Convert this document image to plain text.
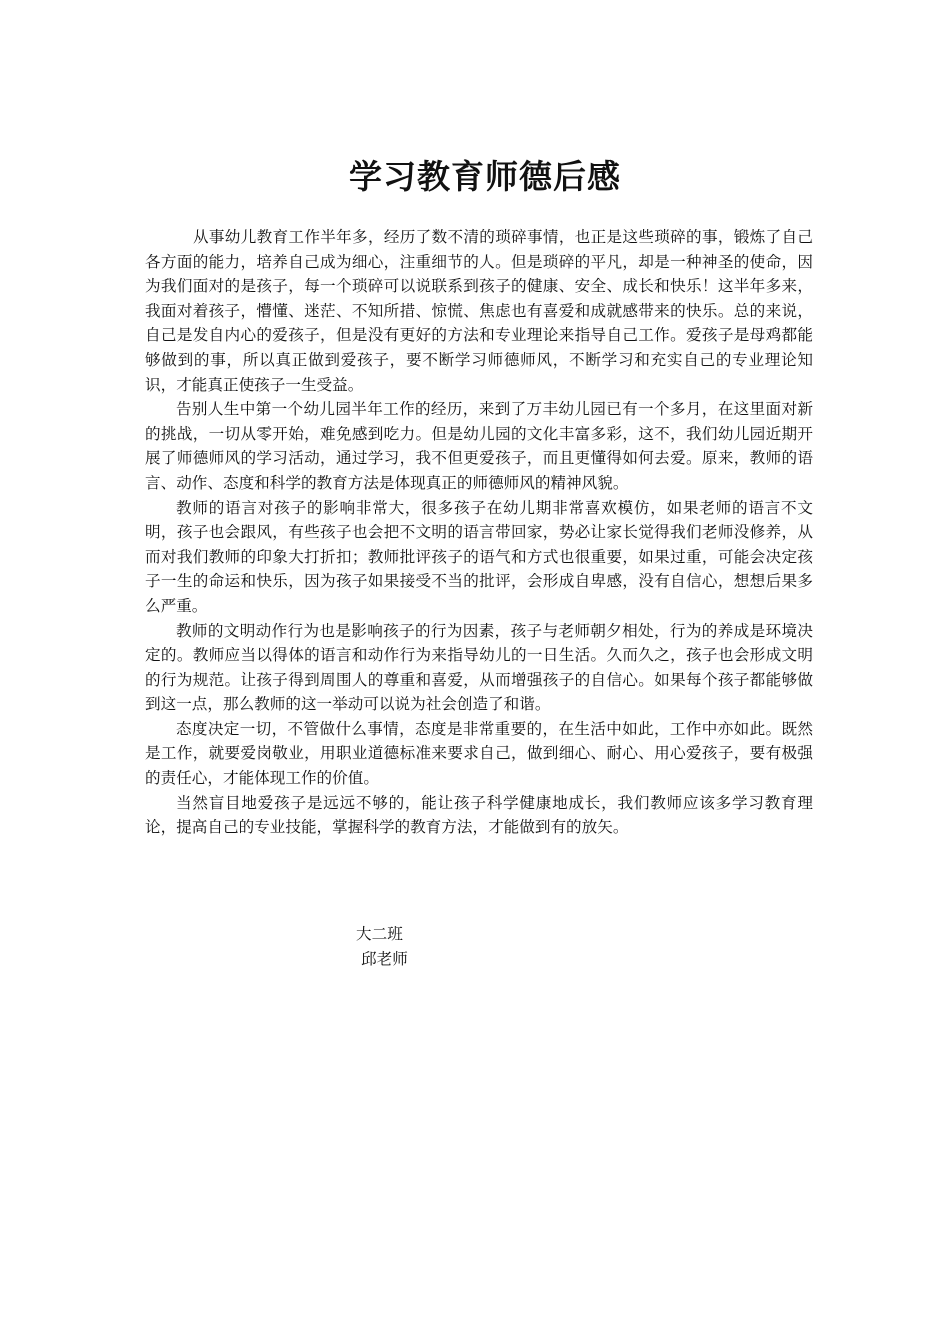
学习教育师德后感

从事幼儿教育工作半年多，经历了数不清的琐碎事情，也正是这些琐碎的事，锻炼了自己各方面的能力，培养自己成为细心，注重细节的人。但是琐碎的平凡，却是一种神圣的使命，因为我们面对的是孩子，每一个琐碎可以说联系到孩子的健康、安全、成长和快乐！这半年多来，我面对着孩子，懵懂、迷茫、不知所措、惊慌、焦虑也有喜爱和成就感带来的快乐。总的来说，自己是发自内心的爱孩子，但是没有更好的方法和专业理论来指导自己工作。爱孩子是母鸡都能够做到的事，所以真正做到爱孩子，要不断学习师德师风，不断学习和充实自己的专业理论知识，才能真正使孩子一生受益。

告别人生中第一个幼儿园半年工作的经历，来到了万丰幼儿园已有一个多月，在这里面对新的挑战，一切从零开始，难免感到吃力。但是幼儿园的文化丰富多彩，这不，我们幼儿园近期开展了师德师风的学习活动，通过学习，我不但更爱孩子，而且更懂得如何去爱。原来，教师的语言、动作、态度和科学的教育方法是体现真正的师德师风的精神风貌。

教师的语言对孩子的影响非常大，很多孩子在幼儿期非常喜欢模仿，如果老师的语言不文明，孩子也会跟风，有些孩子也会把不文明的语言带回家，势必让家长觉得我们老师没修养，从而对我们教师的印象大打折扣；教师批评孩子的语气和方式也很重要，如果过重，可能会决定孩子一生的命运和快乐，因为孩子如果接受不当的批评，会形成自卑感，没有自信心，想想后果多么严重。

教师的文明动作行为也是影响孩子的行为因素，孩子与老师朝夕相处，行为的养成是环境决定的。教师应当以得体的语言和动作行为来指导幼儿的一日生活。久而久之，孩子也会形成文明的行为规范。让孩子得到周围人的尊重和喜爱，从而增强孩子的自信心。如果每个孩子都能够做到这一点，那么教师的这一举动可以说为社会创造了和谐。

态度决定一切，不管做什么事情，态度是非常重要的，在生活中如此，工作中亦如此。既然是工作，就要爱岗敬业，用职业道德标准来要求自己，做到细心、耐心、用心爱孩子，要有极强的责任心，才能体现工作的价值。

当然盲目地爱孩子是远远不够的，能让孩子科学健康地成长，我们教师应该多学习教育理论，提高自己的专业技能，掌握科学的教育方法，才能做到有的放矢。

大二班
邱老师
